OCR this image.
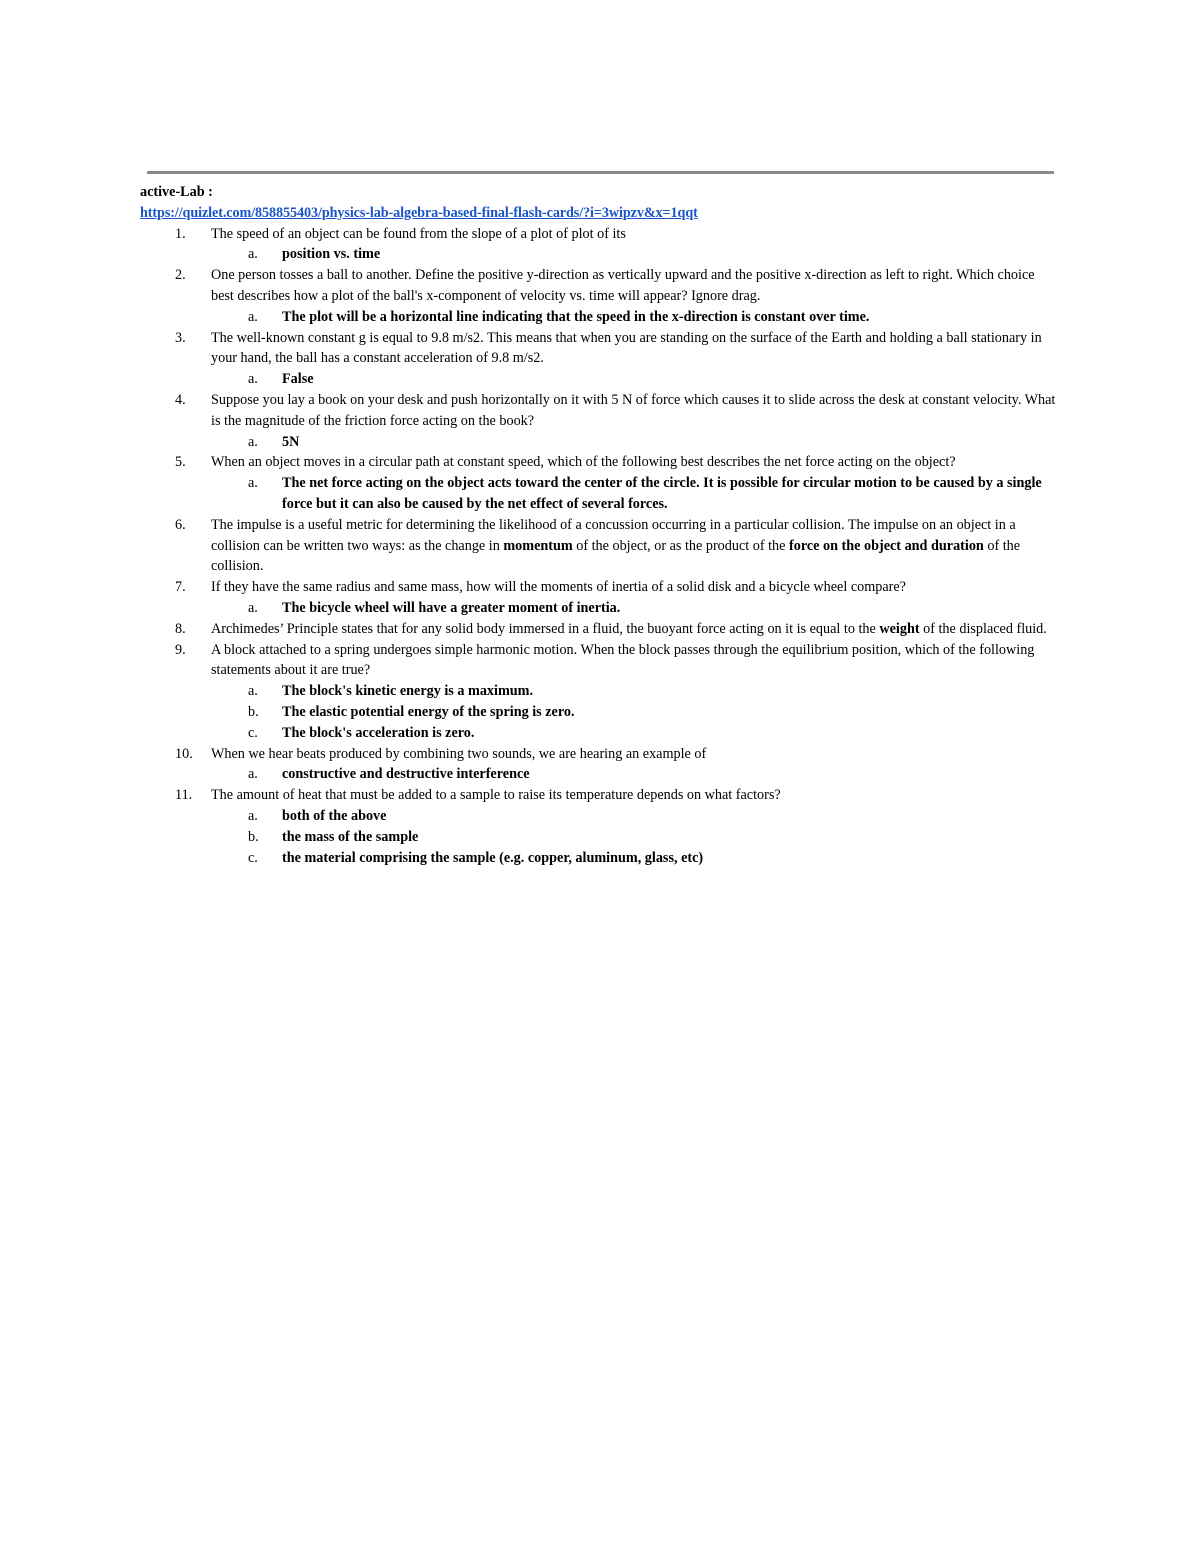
active-Lab :
https://quizlet.com/858855403/physics-lab-algebra-based-final-flash-cards/?i=3wipzv&x=1qqt
1.	The speed of an object can be found from the slope of a plot of plot of its
a. position vs. time
2.	One person tosses a ball to another. Define the positive y-direction as vertically upward and the positive x-direction as left to right. Which choice best describes how a plot of the ball's x-component of velocity vs. time will appear? Ignore drag.
a. The plot will be a horizontal line indicating that the speed in the x-direction is constant over time.
3.	The well-known constant g is equal to 9.8 m/s2. This means that when you are standing on the surface of the Earth and holding a ball stationary in your hand, the ball has a constant acceleration of 9.8 m/s2.
a. False
4.	Suppose you lay a book on your desk and push horizontally on it with 5 N of force which causes it to slide across the desk at constant velocity. What is the magnitude of the friction force acting on the book?
a. 5N
5.	When an object moves in a circular path at constant speed, which of the following best describes the net force acting on the object?
a. The net force acting on the object acts toward the center of the circle. It is possible for circular motion to be caused by a single force but it can also be caused by the net effect of several forces.
6.	The impulse is a useful metric for determining the likelihood of a concussion occurring in a particular collision. The impulse on an object in a collision can be written two ways: as the change in momentum of the object, or as the product of the force on the object and duration of the collision.
7.	If they have the same radius and same mass, how will the moments of inertia of a solid disk and a bicycle wheel compare?
a. The bicycle wheel will have a greater moment of inertia.
8.	Archimedes’ Principle states that for any solid body immersed in a fluid, the buoyant force acting on it is equal to the weight of the displaced fluid.
9.	A block attached to a spring undergoes simple harmonic motion. When the block passes through the equilibrium position, which of the following statements about it are true?
a. The block's kinetic energy is a maximum.
b. The elastic potential energy of the spring is zero.
c. The block's acceleration is zero.
10.	When we hear beats produced by combining two sounds, we are hearing an example of
a. constructive and destructive interference
11.	The amount of heat that must be added to a sample to raise its temperature depends on what factors?
a. both of the above
b. the mass of the sample
c. the material comprising the sample (e.g. copper, aluminum, glass, etc)
